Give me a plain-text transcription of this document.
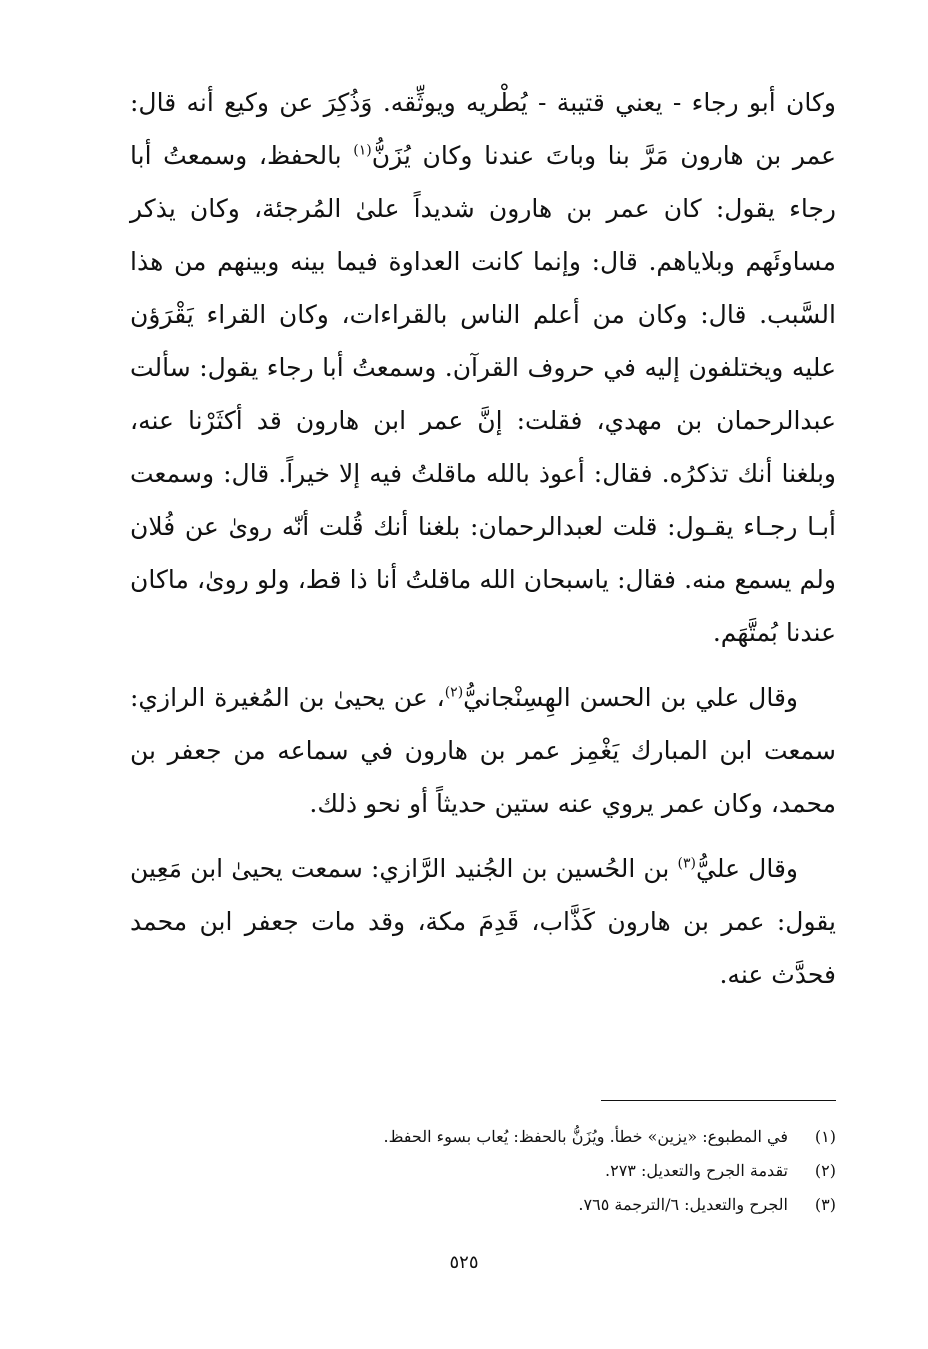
وكان أبو رجاء - يعني قتيبة - يُطْريه ويوثِّقه. وَذُكِرَ عن وكيع أنه قال: عمر بن هارون مَرَّ بنا وباتَ عندنا وكان يُزَنُّ$^{(١)}$ بالحفظ، وسمعتُ أبا رجاء يقول: كان عمر بن هارون شديداً علىٰ المُرجئة، وكان يذكر مساوئَهم وبلاياهم. قال: وإنما كانت العداوة فيما بينه وبينهم من هذا السَّبب. قال: وكان من أعلم الناس بالقراءات، وكان القراء يَقْرَؤن عليه ويختلفون إليه في حروف القرآن. وسمعتُ أبا رجاء يقول: سألت عبدالرحمان بن مهدي، فقلت: إنَّ عمر ابن هارون قد أكثَرْنا عنه، وبلغنا أنك تذكرُه. فقال: أعوذ بالله ماقلتُ فيه إلا خيراً. قال: وسمعت أبـا رجـاء يقـول: قلت لعبدالرحمان: بلغنا أنك قُلت أنّه روىٰ عن فُلان ولم يسمع منه. فقال: ياسبحان الله ماقلتُ أنا ذا قط، ولو روىٰ، ماكان عندنا بُمتَّهَم.

وقال علي بن الحسن الهِسِنْجانيُّ$^{(٢)}$، عن يحيىٰ بن المُغيرة الرازي: سمعت ابن المبارك يَغْمِز عمر بن هارون في سماعه من جعفر بن محمد، وكان عمر يروي عنه ستين حديثاً أو نحو ذلك.

وقال عليُّ$^{(٣)}$ بن الحُسين بن الجُنيد الرَّازي: سمعت يحيىٰ ابن مَعِين يقول: عمر بن هارون كَذَّاب، قَدِمَ مكة، وقد مات جعفر ابن محمد فحدَّث عنه.

(١)
في المطبوع: «يزين» خطأ. ويُزَنُّ بالحفظ: يُعاب بسوء الحفظ.
(٢)
تقدمة الجرح والتعديل: ٢٧٣.
(٣)
الجرح والتعديل: ٦/الترجمة ٧٦٥.
٥٢٥
